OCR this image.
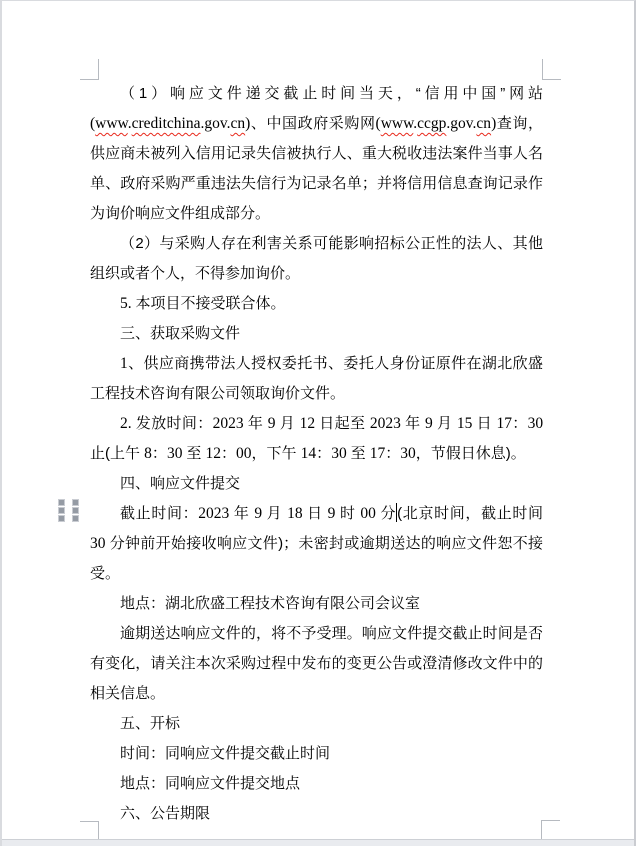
（1）响应文件递交截止时间当天，“信用中国”网站(www.creditchina.gov.cn)、中国政府采购网(www.ccgp.gov.cn)查询，供应商未被列入信用记录失信被执行人、重大税收违法案件当事人名单、政府采购严重违法失信行为记录名单；并将信用信息查询记录作为询价响应文件组成部分。

（2）与采购人存在利害关系可能影响招标公正性的法人、其他组织或者个人，不得参加询价。

5. 本项目不接受联合体。

三、获取采购文件

1、供应商携带法人授权委托书、委托人身份证原件在湖北欣盛工程技术咨询有限公司领取询价文件。

2. 发放时间：2023 年 9 月 12 日起至 2023 年 9 月 15 日 17：30 止(上午 8：30 至 12：00，下午 14：30 至 17：30，节假日休息)。

四、响应文件提交

截止时间：2023 年 9 月 18 日 9 时 00 分(北京时间，截止时间 30 分钟前开始接收响应文件)；未密封或逾期送达的响应文件恕不接受。

地点：湖北欣盛工程技术咨询有限公司会议室

逾期送达响应文件的，将不予受理。响应文件提交截止时间是否有变化，请关注本次采购过程中发布的变更公告或澄清修改文件中的相关信息。

五、开标

时间：同响应文件提交截止时间

地点：同响应文件提交地点

六、公告期限
